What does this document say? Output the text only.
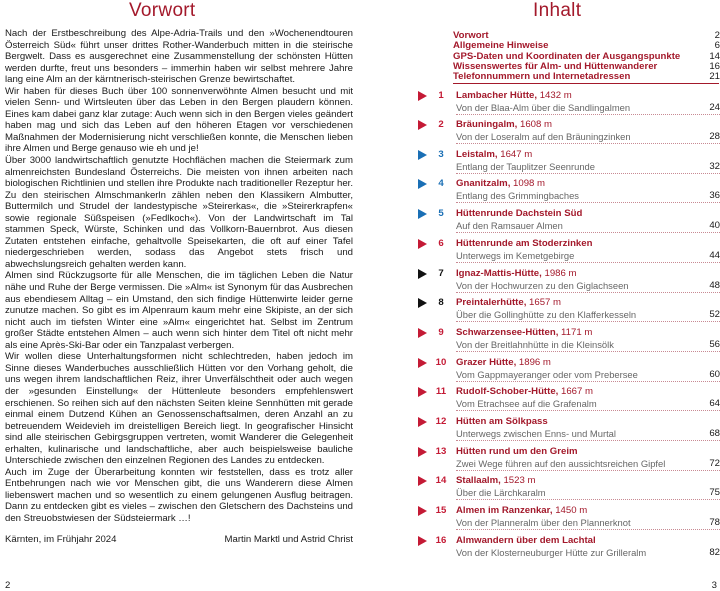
Vorwort

Nach der Erstbeschreibung des Alpe-Adria-Trails und den »Wochenendtouren Österreich Süd« führt unser drittes Rother-Wanderbuch mitten in die steirische Bergwelt. Dass es ausgerechnet eine Zusammenstellung der schönsten Hütten werden durfte, freut uns besonders – immerhin haben wir selbst mehrere Jahre lang eine Alm an der kärntnerisch-steirischen Grenze bewirtschaftet.

Wir haben für dieses Buch über 100 sonnenverwöhnte Almen besucht und mit vielen Senn- und Wirtsleuten über das Leben in den Bergen plaudern können. Eines kam dabei ganz klar zutage: Auch wenn sich in den Bergen vieles geändert haben mag und sich das Leben auf den höheren Etagen vor verschiedenen Maßnahmen der Modernisierung nicht verschließen konnte, die Menschen lieben ihre Almen und Berge genauso wie eh und je!

Über 3000 landwirtschaftlich genutzte Hochflächen machen die Steiermark zum almenreichsten Bundesland Österreichs. Die meisten von ihnen arbeiten nach biologischen Richtlinien und stellen ihre Produkte nach traditioneller Rezeptur her. Zu den steirischen Almschmankerln zählen neben den Klassikern Almbutter, Buttermilch und Strudel der landestypische »Steirerkas«, die »Steirerkrapfen« sowie regionale Süßspeisen (»Fedlkoch«). Von der Landwirtschaft im Tal stammen Speck, Würste, Schinken und das Vollkorn-Bauernbrot. Aus diesen Zutaten entstehen einfache, gehaltvolle Speisekarten, die oft auf einer Tafel niedergeschrieben werden, sodass das Angebot stets frisch und abwechslungsreich gehalten werden kann.

Almen sind Rückzugsorte für alle Menschen, die im täglichen Leben die Natur nähe und Ruhe der Berge vermissen. Die »Alm« ist Synonym für das Ausbrechen aus ebendiesem Alltag – ein Umstand, den sich findige Hüttenwirte leider gerne zunutze machen. So gibt es im Alpenraum kaum mehr eine Skipiste, an der sich nicht auch im tiefsten Winter eine »Alm« eingerichtet hat. Selbst im Zentrum großer Städte entstehen Almen – auch wenn sich hinter dem Titel oft nicht mehr als eine Après-Ski-Bar oder ein Tanzpalast verbergen.

Wir wollen diese Unterhaltungsformen nicht schlechtreden, haben jedoch im Sinne dieses Wanderbuches ausschließlich Hütten vor den Vorhang geholt, die uns wegen ihrem landschaftlichen Reiz, ihrer Unverfälschtheit oder auch wegen der »gesunden Einstellung« der Hüttenleute besonders empfehlenswert erschienen. So reihen sich auf den nächsten Seiten kleine Sennhütten mit gerade einmal einem Dutzend Kühen an Genossenschaftsalmen, deren Anzahl an zu betreuendem Weidevieh im dreistelligen Bereich liegt. In geografischer Hinsicht sind alle steirischen Gebirgsgruppen vertreten, womit Wanderer die Gelegenheit erhalten, kulinarische und landschaftliche, aber auch beispielsweise bauliche Unterschiede zwischen den einzelnen Regionen des Landes zu entdecken.

Auch im Zuge der Überarbeitung konnten wir feststellen, dass es trotz aller Entbehrungen nach wie vor Menschen gibt, die uns Wanderern diese Almen liebenswert machen und so wesentlich zu einem gelungenen Ausflug beitragen. Dann zu entdecken gibt es vieles – zwischen den Gletschern des Dachsteins und den Streuobstwiesen der Südsteiermark …!

Kärnten, im Frühjahr 2024	Martin Marktl und Astrid Christ
2
Inhalt
3
Vorwort	2
Allgemeine Hinweise	6
GPS-Daten und Koordinaten der Ausgangspunkte	14
Wissenswertes für Alm- und Hüttenwanderer	16
Telefonnummern und Internetadressen	21
1	Lambacher Hütte, 1432 m
Von der Blaa-Alm über die Sandlingalmen	24
2	Bräuningalm, 1608 m
Von der Loseralm auf den Bräuningzinken	28
3	Leistalm, 1647 m
Entlang der Tauplitzer Seenrunde	32
4	Gnanitzalm, 1098 m
Entlang des Grimmingbaches	36
5	Hüttenrunde Dachstein Süd
Auf den Ramsauer Almen	40
6	Hüttenrunde am Stoderzinken
Unterwegs im Kemetgebirge	44
7	Ignaz-Mattis-Hütte, 1986 m
Von der Hochwurzen zu den Giglachseen	48
8	Preintalerhütte, 1657 m
Über die Gollinghütte zu den Klafferkesseln	52
9	Schwarzensee-Hütten, 1171 m
Von der Breitlahnhütte in die Kleinsölk	56
10 Grazer Hütte, 1896 m
Vom Gappmayeranger oder vom Prebersee	60
11	Rudolf-Schober-Hütte, 1667 m
Vom Etrachsee auf die Grafenalm	64
12 Hütten am Sölkpass
Unterwegs zwischen Enns- und Murtal	68
13 Hütten rund um den Greim
Zwei Wege führen auf den aussichtsreichen Gipfel	72
14 Stallaalm, 1523 m
Über die Lärchkaralm	75
15 Almen im Ranzenkar, 1450 m
Von der Planneralm über den Plannerknot	78
16 Almwandern über dem Lachtal
Von der Klosterneuburger Hütte zur Grilleralm	82
